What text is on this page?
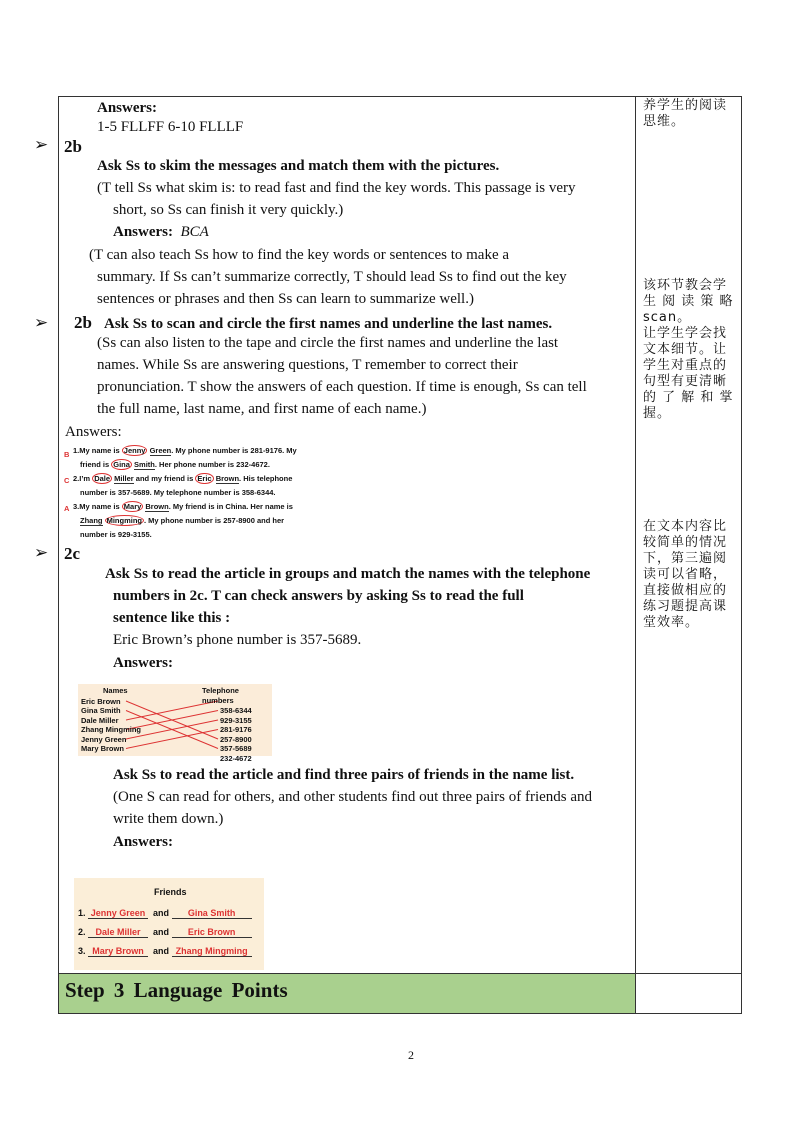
Step 3 Language Points
Answers:
1-5 FLLFF 6-10 FLLLF
➢ 2b
Ask Ss to skim the messages and match them with the pictures.
(T tell Ss what skim is: to read fast and find the key words. This passage is very
short, so Ss can finish it very quickly.)
Answers: BCA
(T can also teach Ss how to find the key words or sentences to make a
summary. If Ss can’t summarize correctly, T should lead Ss to find out the key
sentences or phrases and then Ss can learn to summarize well.)
➢ 2b Ask Ss to scan and circle the first names and underline the last names.
(Ss can also listen to the tape and circle the first names and underline the last
names. While Ss are answering questions, T remember to correct their
pronunciation. T show the answers of each question. If time is enough, Ss can tell
the full name, last name, and first name of each name.)
Answers:
B 1.My name is Jenny Green. My phone number is 281-9176. My
friend is Gina Smith. Her phone number is 232-4672.
C 2.I’m Dale Miller and my friend is Eric Brown. His telephone
number is 357-5689. My telephone number is 358-6344.
A 3.My name is Mary Brown. My friend is in China. Her name is
Zhang Mingming . My phone number is 257-8900 and her
number is 929-3155.
➢ 2c
Ask Ss to read the article in groups and match the names with the telephone
numbers in 2c. T can check answers by asking Ss to read the full
sentence like this :
Eric Brown’s phone number is 357-5689.
Answers:
Names
Eric Brown
Gina Smith
Dale Miller
Zhang Mingming
Jenny Green
Mary Brown
Telephone numbers
358-6344
929-3155
281-9176
257-8900
357-5689
232-4672
Ask Ss to read the article and find three pairs of friends in the name list.
(One S can read for others, and other students find out three pairs of friends and
write them down.)
Answers:
Friends
1. Jenny Green and Gina Smith
2. Dale Miller and Eric Brown
3. Mary Brown and Zhang Mingming
养学生的阅读
思维。
该环节教会学
生 阅 读 策 略
scan。
让学生学会找
文本细节。让
学生对重点的
句型有更清晰
的 了 解 和 掌
握。
在文本内容比
较简单的情况
下，第三遍阅
读可以省略，
直接做相应的
练习题提高课
堂效率。
2
